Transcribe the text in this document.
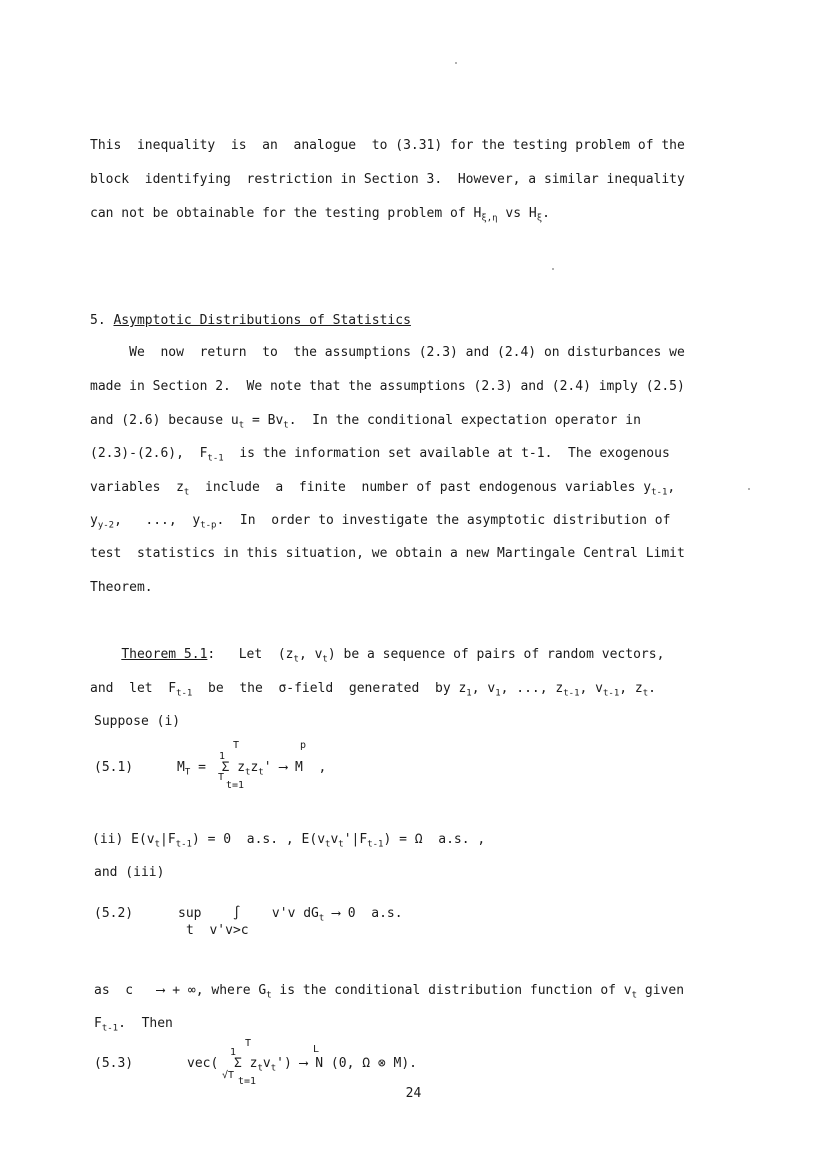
This  inequality  is  an  analogue  to (3.31) for the testing problem of the
block  identifying  restriction in Section 3.  However, a similar inequality
can not be obtainable for the testing problem of $H_{\xi,\eta}$ vs $H_\xi$.
5. Asymptotic Distributions of Statistics
We  now  return  to  the assumptions (2.3) and (2.4) on disturbances we
made in Section 2.  We note that the assumptions (2.3) and (2.4) imply (2.5)
and (2.6) because $u_t = Bv_t$.  In the conditional expectation operator in
(2.3)-(2.6),  $F_{t-1}$  is the information set available at t-1.  The exogenous
variables  $z_t$  include  a  finite  number of past endogenous variables $y_{t-1}$,
$y_{y-2}$,   ...,  $y_{t-p}$.  In  order to investigate the asymptotic distribution of
test  statistics in this situation, we obtain a new Martingale Central Limit
Theorem.
Theorem 5.1:   Let  ($z_t$, $v_t$) be a sequence of pairs of random vectors,
and  let  $F_{t-1}$  be  the  σ-field  generated  by $z_1$, $v_1$, ..., $z_{t-1}$, $v_{t-1}$, $z_t$.
Suppose (i)
(5.1)
T	p
1
$M_T = \Sigma$ $z_tz_t'$ ⟶ M  ,
T
t=1
(ii) $E(v_t|F_{t-1}) = 0$  a.s. , $E(v_tv_t'|F_{t-1}) = \Omega$  a.s. ,
and (iii)
(5.2)	sup    ∫    v'v $dG_t$ ⟶ 0  a.s.
t  v'v>c
as  c   ⟶ + ∞, where $G_t$ is the conditional distribution function of $v_t$ given
$F_{t-1}$.  Then
(5.3)
T
L
1
vec( Σ $z_tv_t'$) ⟶ N (0, Ω ⊗ M).
√T
t=1
24
